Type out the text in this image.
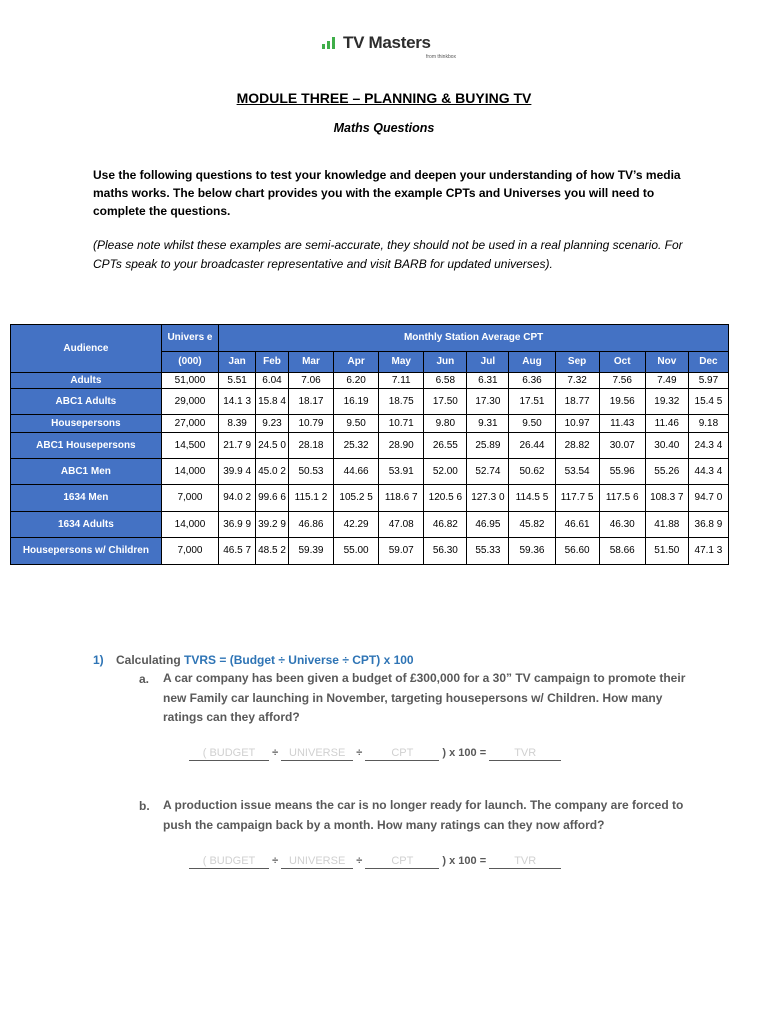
TV Masters
from thinkbox
MODULE THREE – PLANNING & BUYING TV
Maths Questions

Use the following questions to test your knowledge and deepen your understanding of how TV’s media maths works. The below chart provides you with the example CPTs and Universes you will need to complete the questions.

(Please note whilst these examples are semi-accurate, they should not be used in a real planning scenario. For CPTs speak to your broadcaster representative and visit BARB for updated universes).

Audience	Univers e	Monthly Station Average CPT											
	(000)	Jan	Feb	Mar	Apr	May	Jun	Jul	Aug	Sep	Oct	Nov	Dec
Adults	51,000	5.51	6.04	7.06	6.20	7.11	6.58	6.31	6.36	7.32	7.56	7.49	5.97
ABC1 Adults	29,000	14.1 3	15.8 4	18.17	16.19	18.75	17.50	17.30	17.51	18.77	19.56	19.32	15.4 5
Housepersons	27,000	8.39	9.23	10.79	9.50	10.71	9.80	9.31	9.50	10.97	11.43	11.46	9.18
ABC1 Housepersons	14,500	21.7 9	24.5 0	28.18	25.32	28.90	26.55	25.89	26.44	28.82	30.07	30.40	24.3 4
ABC1 Men	14,000	39.9 4	45.0 2	50.53	44.66	53.91	52.00	52.74	50.62	53.54	55.96	55.26	44.3 4
1634 Men	7,000	94.0 2	99.6 6	115.1 2	105.2 5	118.6 7	120.5 6	127.3 0	114.5 5	117.7 5	117.5 6	108.3 7	94.7 0
1634 Adults	14,000	36.9 9	39.2 9	46.86	42.29	47.08	46.82	46.95	45.82	46.61	46.30	41.88	36.8 9
Housepersons w/ Children	7,000	46.5 7	48.5 2	59.39	55.00	59.07	56.30	55.33	59.36	56.60	58.66	51.50	47.1 3
1) Calculating TVRS = (Budget ÷ Universe ÷ CPT) x 100
a. A car company has been given a budget of £300,000 for a 30” TV campaign to promote their new Family car launching in November, targeting housepersons w/ Children. How many ratings can they afford?

( BUDGET ÷ UNIVERSE ÷	CPT	) x 100 =	TVR
b. A production issue means the car is no longer ready for launch. The company are forced to push the campaign back by a month. How many ratings can they now afford?

( BUDGET ÷ UNIVERSE ÷	CPT	) x 100 =	TVR
